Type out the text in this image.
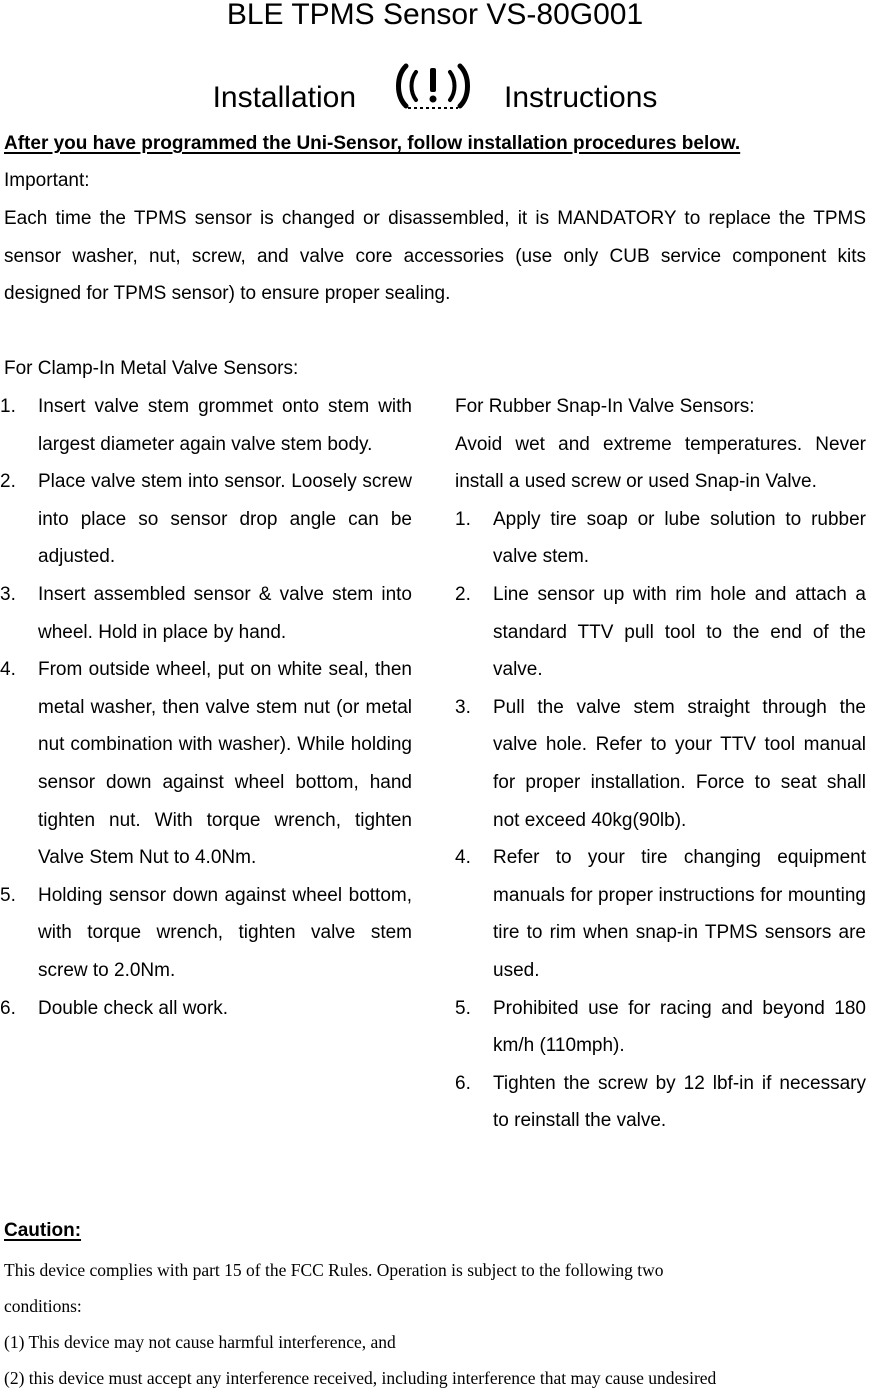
BLE TPMS Sensor VS-80G001
Installation	Instructions
After you have programmed the Uni-Sensor, follow installation procedures below.
Important:
Each time the TPMS sensor is changed or disassembled, it is MANDATORY to replace the TPMS sensor washer, nut, screw, and valve core accessories (use only CUB service component kits designed for TPMS sensor) to ensure proper sealing.
For Clamp-In Metal Valve Sensors:
1.	Insert valve stem grommet onto stem with largest diameter again valve stem body.
2.	Place valve stem into sensor. Loosely screw into place so sensor drop angle can be adjusted.
3.	Insert assembled sensor & valve stem into wheel. Hold in place by hand.
4.	From outside wheel, put on white seal, then metal washer, then valve stem nut (or metal nut combination with washer). While holding sensor down against wheel bottom, hand tighten nut. With torque wrench, tighten Valve Stem Nut to 4.0Nm.
5.	Holding sensor down against wheel bottom, with torque wrench, tighten valve stem screw to 2.0Nm.
6.	Double check all work.
For Rubber Snap-In Valve Sensors:
Avoid wet and extreme temperatures. Never install a used screw or used Snap-in Valve.
1.	Apply tire soap or lube solution to rubber valve stem.
2.	Line sensor up with rim hole and attach a standard TTV pull tool to the end of the valve.
3.	Pull the valve stem straight through the valve hole. Refer to your TTV tool manual for proper installation. Force to seat shall not exceed 40kg(90lb).
4.	Refer to your tire changing equipment manuals for proper instructions for mounting tire to rim when snap-in TPMS sensors are used.
5.	Prohibited use for racing and beyond 180 km/h (110mph).
6.	Tighten the screw by 12 lbf-in if necessary to reinstall the valve.
Caution:

This device complies with part 15 of the FCC Rules. Operation is subject to the following two

conditions:

(1) This device may not cause harmful interference, and

(2) this device must accept any interference received, including interference that may cause undesired
